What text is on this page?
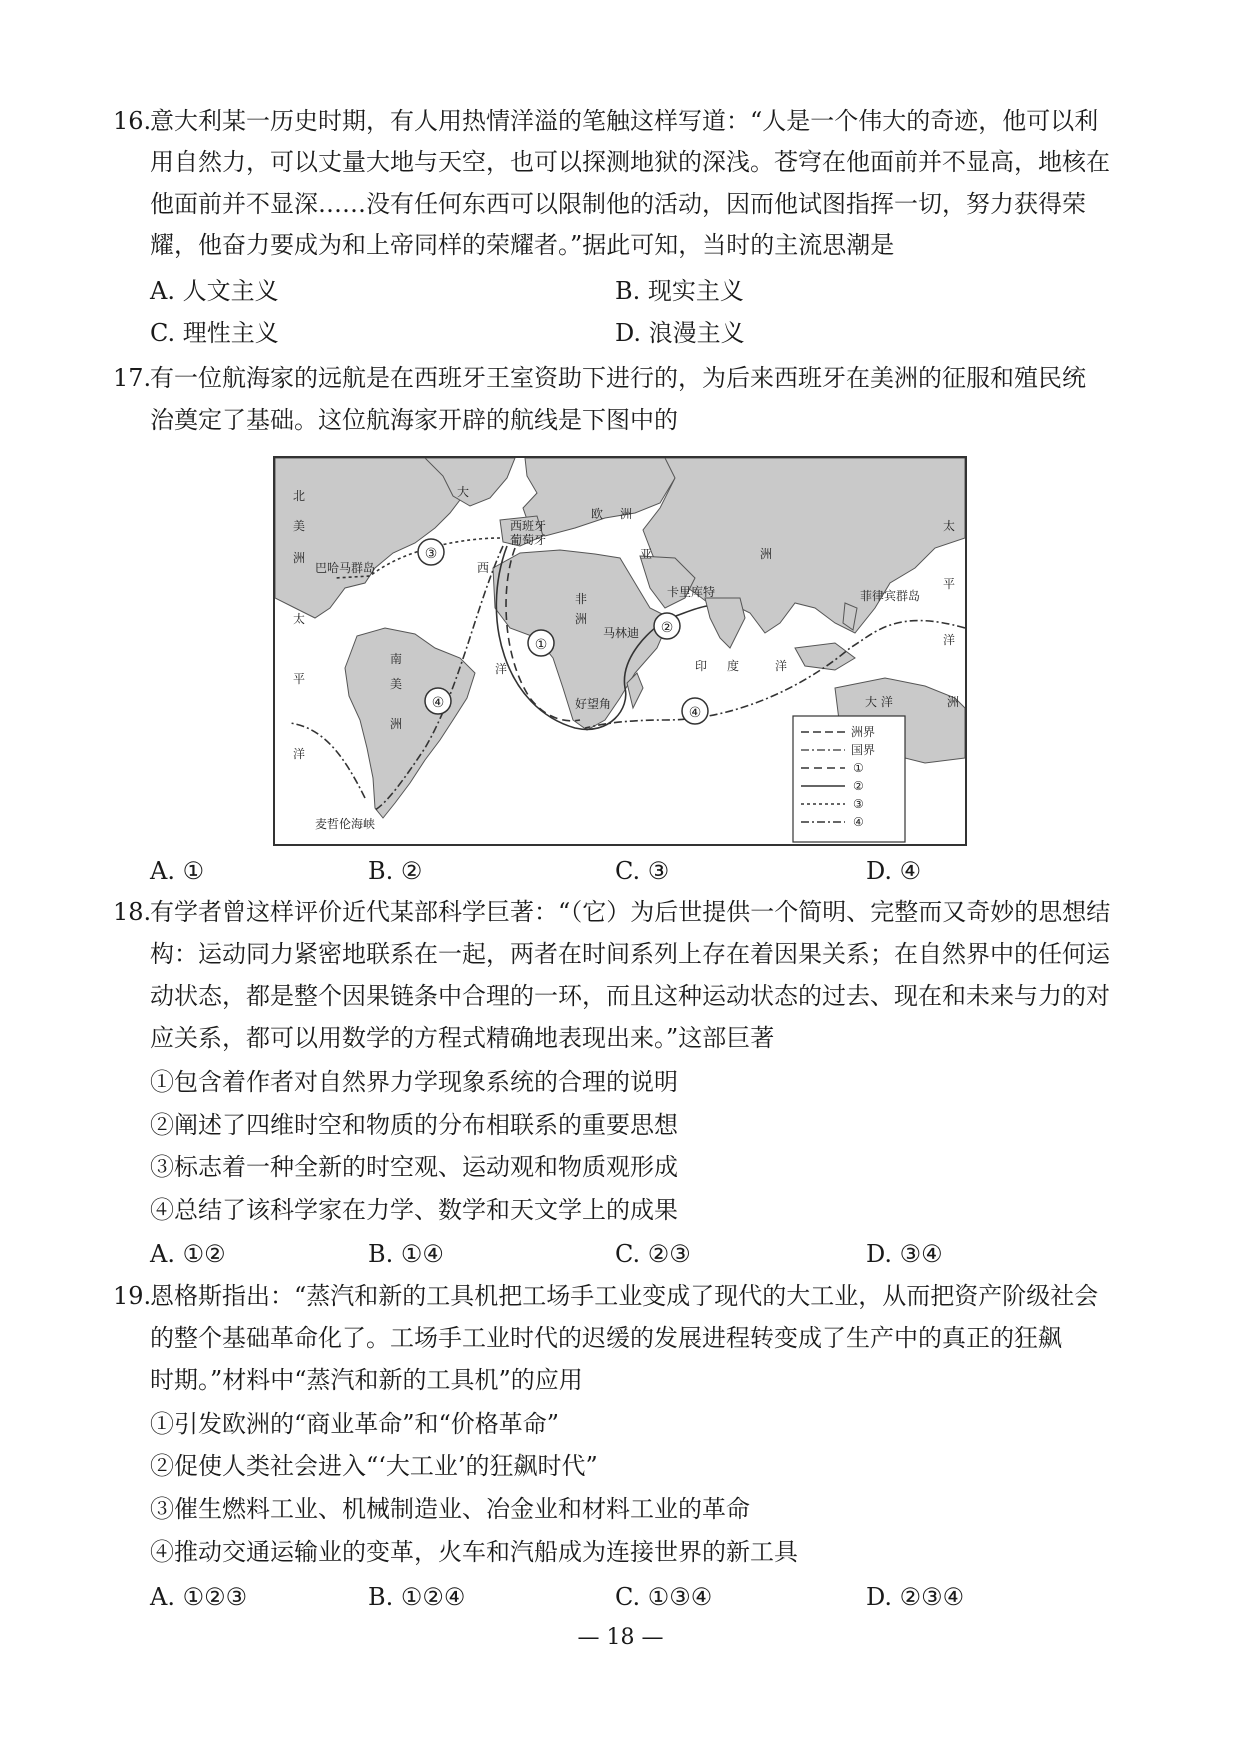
16.
意大利某一历史时期，有人用热情洋溢的笔触这样写道：“人是一个伟大的奇迹，他可以利
用自然力，可以丈量大地与天空，也可以探测地狱的深浅。苍穹在他面前并不显高，地核在
他面前并不显深……没有任何东西可以限制他的活动，因而他试图指挥一切，努力获得荣
耀，他奋力要成为和上帝同样的荣耀者。”据此可知，当时的主流思潮是
A. 人文主义	B. 现实主义
C. 理性主义	D. 浪漫主义
17.
有一位航海家的远航是在西班牙王室资助下进行的，为后来西班牙在美洲的征服和殖民统
治奠定了基础。这位航海家开辟的航线是下图中的
③
①
②
④
④
北
美
洲
大
西
洋
欧 洲
亚	洲
非
洲
南
美
洲
太
平
洋
太
平
洋
印 度	洋
大 洋	洲
西班牙
葡萄牙
巴哈马群岛
卡里库特
马林迪
好望角
菲律宾群岛
麦哲伦海峡
洲界
国界
①
②
③
④
A. ①	B. ②	C. ③	D. ④
18.
有学者曾这样评价近代某部科学巨著：“（它）为后世提供一个简明、完整而又奇妙的思想结
构：运动同力紧密地联系在一起，两者在时间系列上存在着因果关系；在自然界中的任何运
动状态，都是整个因果链条中合理的一环，而且这种运动状态的过去、现在和未来与力的对
应关系，都可以用数学的方程式精确地表现出来。”这部巨著
①包含着作者对自然界力学现象系统的合理的说明
②阐述了四维时空和物质的分布相联系的重要思想
③标志着一种全新的时空观、运动观和物质观形成
④总结了该科学家在力学、数学和天文学上的成果
A. ①②	B. ①④	C. ②③	D. ③④
19.
恩格斯指出：“蒸汽和新的工具机把工场手工业变成了现代的大工业，从而把资产阶级社会
的整个基础革命化了。工场手工业时代的迟缓的发展进程转变成了生产中的真正的狂飙
时期。”材料中“蒸汽和新的工具机”的应用
①引发欧洲的“商业革命”和“价格革命”
②促使人类社会进入“‘大工业’的狂飙时代”
③催生燃料工业、机械制造业、冶金业和材料工业的革命
④推动交通运输业的变革，火车和汽船成为连接世界的新工具
A. ①②③	B. ①②④	C. ①③④	D. ②③④
— 18 —
